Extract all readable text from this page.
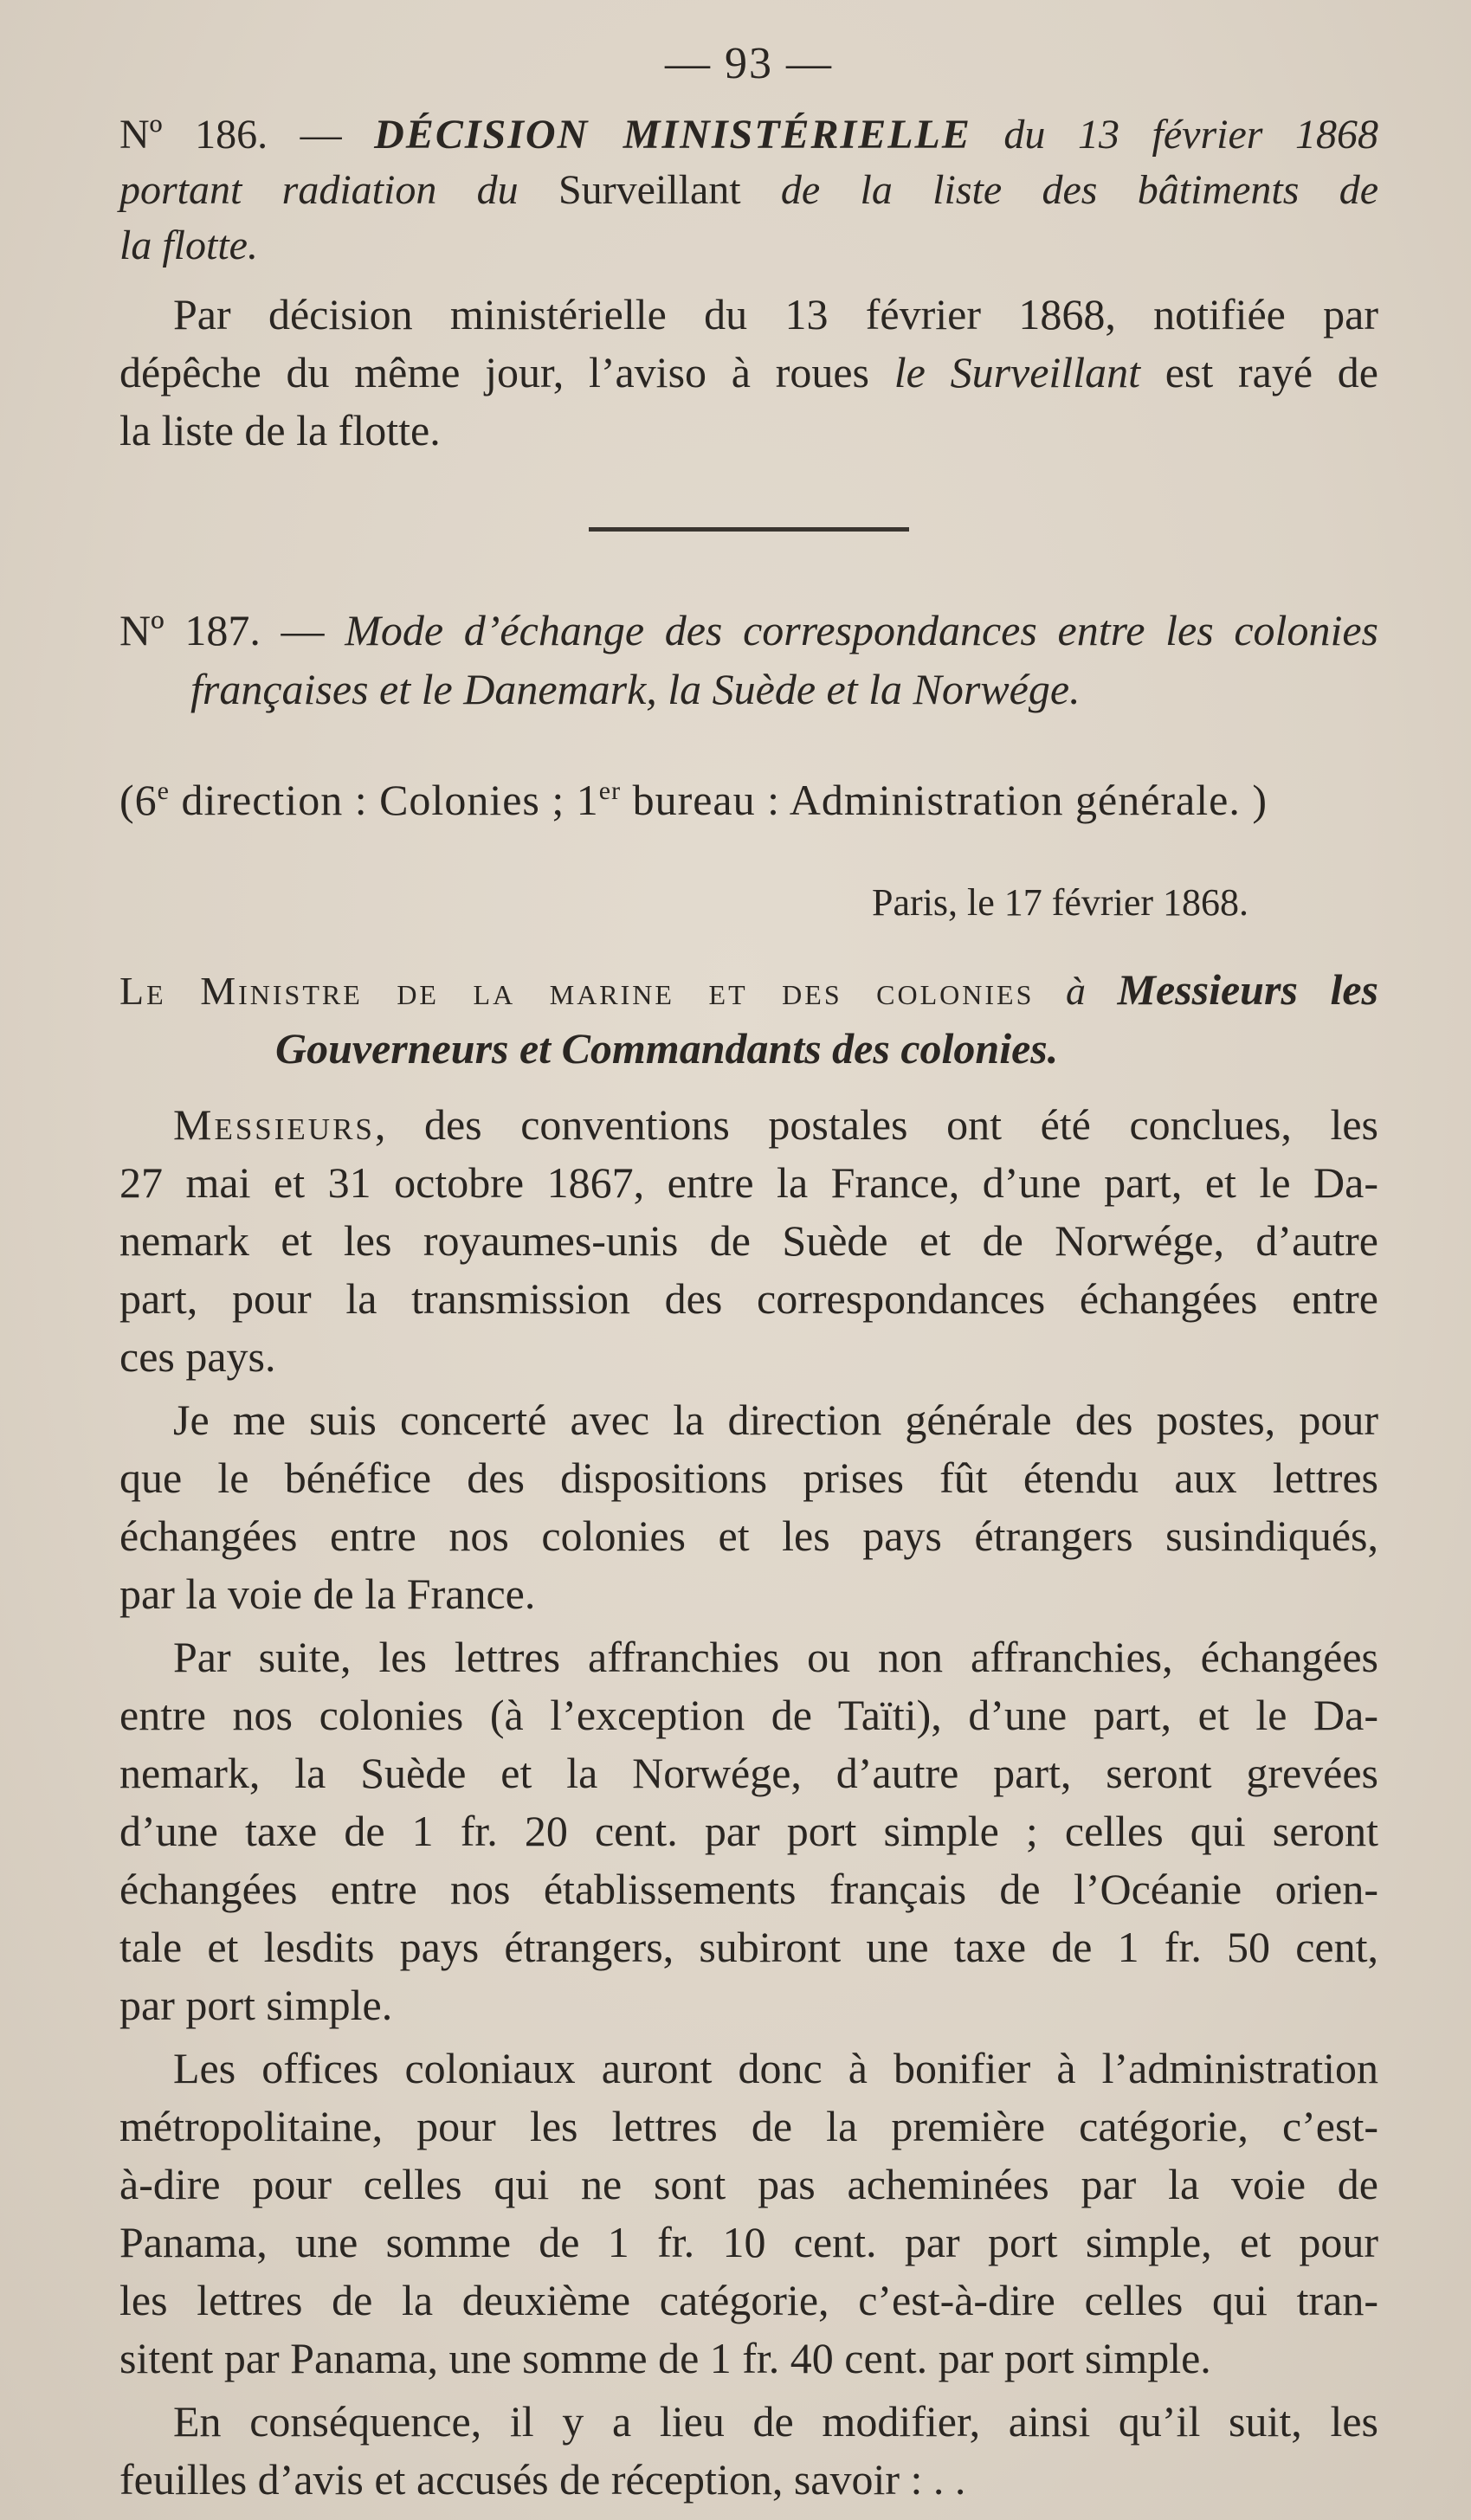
— 93 —

Nº 186. — DÉCISION MINISTÉRIELLE du 13 février 1868

portant radiation du Surveillant de la liste des bâtiments de

la flotte.

Par décision ministérielle du 13 février 1868, notifiée par

dépêche du même jour, l’aviso à roues le Surveillant est rayé de

la liste de la flotte.

Nº 187. — Mode d’échange des correspondances entre les colonies

françaises et le Danemark, la Suède et la Norwége.

(6e direction : Colonies ; 1er bureau : Administration générale. )
Paris, le 17 février 1868.

Le Ministre de la marine et des colonies à Messieurs les

Gouverneurs et Commandants des colonies.

Messieurs, des conventions postales ont été conclues, les

27 mai et 31 octobre 1867, entre la France, d’une part, et le Da-

nemark et les royaumes-unis de Suède et de Norwége, d’autre

part, pour la transmission des correspondances échangées entre

ces pays.

Je me suis concerté avec la direction générale des postes, pour

que le bénéfice des dispositions prises fût étendu aux lettres

échangées entre nos colonies et les pays étrangers susindiqués,

par la voie de la France.

Par suite, les lettres affranchies ou non affranchies, échangées

entre nos colonies (à l’exception de Taïti), d’une part, et le Da-

nemark, la Suède et la Norwége, d’autre part, seront grevées

d’une taxe de 1 fr. 20 cent. par port simple ; celles qui seront

échangées entre nos établissements français de l’Océanie orien-

tale et lesdits pays étrangers, subiront une taxe de 1 fr. 50 cent,

par port simple.

Les offices coloniaux auront donc à bonifier à l’administration

métropolitaine, pour les lettres de la première catégorie, c’est-

à-dire pour celles qui ne sont pas acheminées par la voie de

Panama, une somme de 1 fr. 10 cent. par port simple, et pour

les lettres de la deuxième catégorie, c’est-à-dire celles qui tran-

sitent par Panama, une somme de 1 fr. 40 cent. par port simple.

En conséquence, il y a lieu de modifier, ainsi qu’il suit, les

feuilles d’avis et accusés de réception, savoir : . .
